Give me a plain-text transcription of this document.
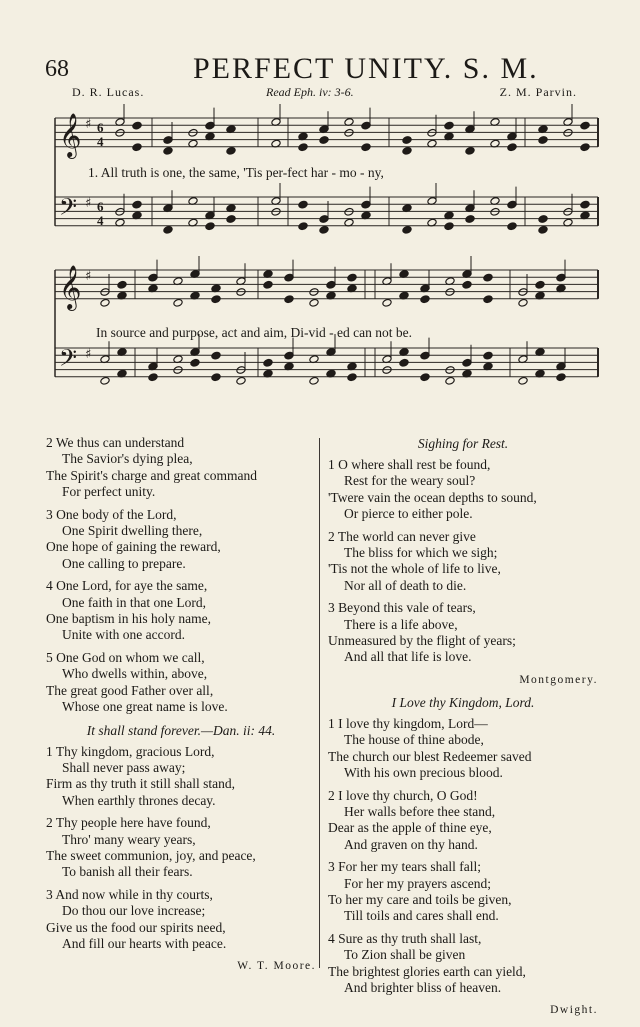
68	PERFECT UNITY. S. M.
D. R. Lucas.	Read Eph. iv: 3-6.	Z. M. Parvin.
𝄞 ♯ 6
4
𝄢 ♯ 6
4
𝄞 ♯
𝄢 ♯
1. All truth is one, the same, 'Tis per-fect har - mo - ny,
In source and purpose, act and aim, Di-vid - ed can not be.
2 We thus can understand
The Savior's dying plea,
The Spirit's charge and great command
For perfect unity.
3 One body of the Lord,
One Spirit dwelling there,
One hope of gaining the reward,
One calling to prepare.
4 One Lord, for aye the same,
One faith in that one Lord,
One baptism in his holy name,
Unite with one accord.
5 One God on whom we call,
Who dwells within, above,
The great good Father over all,
Whose one great name is love.
It shall stand forever.—Dan. ii: 44.
1 Thy kingdom, gracious Lord,
Shall never pass away;
Firm as thy truth it still shall stand,
When earthly thrones decay.
2 Thy people here have found,
Thro' many weary years,
The sweet communion, joy, and peace,
To banish all their fears.
3 And now while in thy courts,
Do thou our love increase;
Give us the food our spirits need,
And fill our hearts with peace.
W. T. Moore.
Sighing for Rest.
1 O where shall rest be found,
Rest for the weary soul?
'Twere vain the ocean depths to sound,
Or pierce to either pole.
2 The world can never give
The bliss for which we sigh;
'Tis not the whole of life to live,
Nor all of death to die.
3 Beyond this vale of tears,
There is a life above,
Unmeasured by the flight of years;
And all that life is love.
Montgomery.
I Love thy Kingdom, Lord.
1 I love thy kingdom, Lord—
The house of thine abode,
The church our blest Redeemer saved
With his own precious blood.
2 I love thy church, O God!
Her walls before thee stand,
Dear as the apple of thine eye,
And graven on thy hand.
3 For her my tears shall fall;
For her my prayers ascend;
To her my care and toils be given,
Till toils and cares shall end.
4 Sure as thy truth shall last,
To Zion shall be given
The brightest glories earth can yield,
And brighter bliss of heaven.
Dwight.
